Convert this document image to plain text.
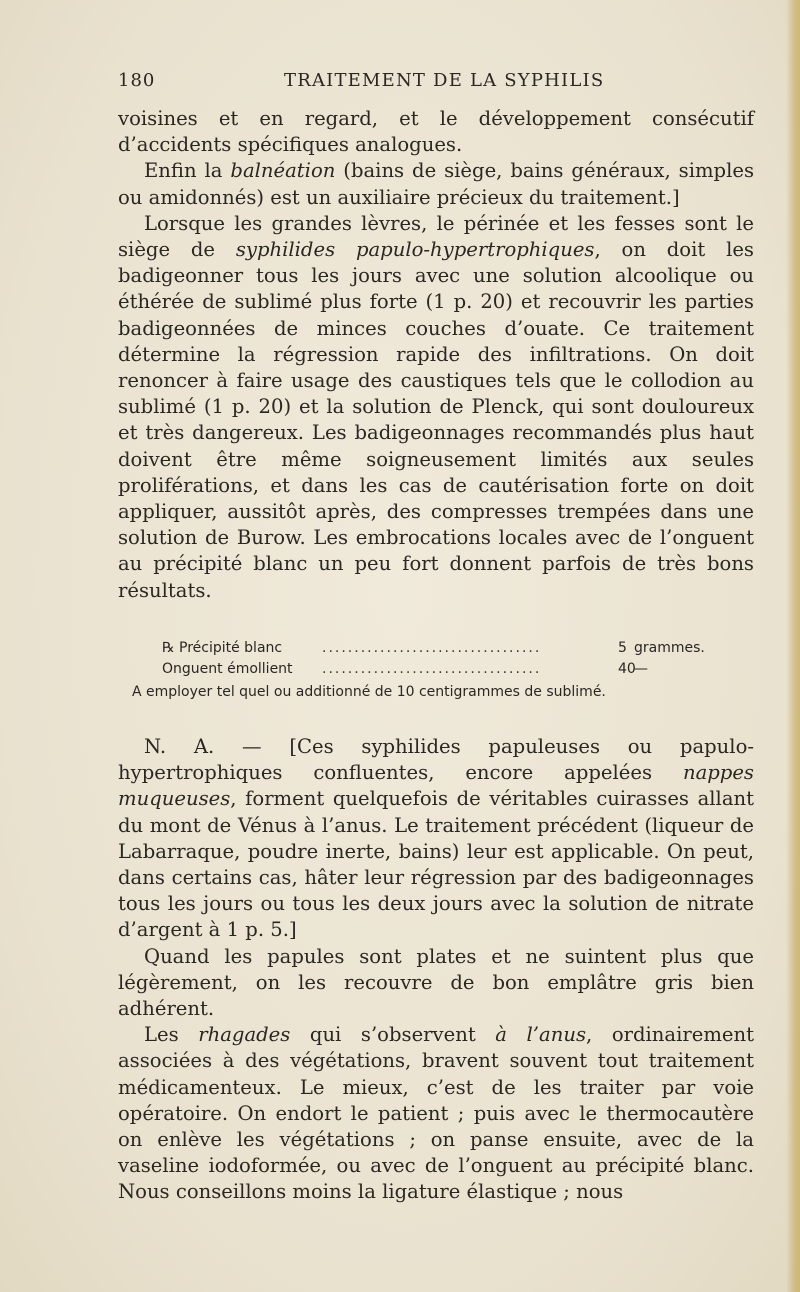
180	TRAITEMENT DE LA SYPHILIS

voisines et en regard, et le développement consécutif d’accidents spécifiques analogues.

Enfin la balnéation (bains de siège, bains généraux, simples ou amidonnés) est un auxiliaire précieux du traitement.]

Lorsque les grandes lèvres, le périnée et les fesses sont le siège de syphilides papulo-hypertrophiques, on doit les badigeonner tous les jours avec une solution alcoolique ou éthérée de sublimé plus forte (1 p. 20) et recouvrir les parties badigeonnées de minces couches d’ouate. Ce traitement détermine la régression rapide des infiltrations. On doit renoncer à faire usage des caustiques tels que le collodion au sublimé (1 p. 20) et la solution de Plenck, qui sont douloureux et très dangereux. Les badigeonnages recommandés plus haut doivent être même soigneusement limités aux seules proliférations, et dans les cas de cautérisation forte on doit appliquer, aussitôt après, des compresses trempées dans une solution de Burow. Les embrocations locales avec de l’onguent au précipité blanc un peu fort donnent parfois de très bons résultats.

℞ Précipité blanc	..................................	5 grammes.
Onguent émollient ..................................	40
—
A employer tel quel ou additionné de 10 centigrammes de sublimé.

N. A. — [Ces syphilides papuleuses ou papulo-hypertrophiques confluentes, encore appelées nappes muqueuses, forment quelquefois de véritables cuirasses allant du mont de Vénus à l’anus. Le traitement précédent (liqueur de Labarraque, poudre inerte, bains) leur est applicable. On peut, dans certains cas, hâter leur régression par des badigeonnages tous les jours ou tous les deux jours avec la solution de nitrate d’argent à 1 p. 5.]

Quand les papules sont plates et ne suintent plus que légèrement, on les recouvre de bon emplâtre gris bien adhérent.

Les rhagades qui s’observent à l’anus, ordinairement associées à des végétations, bravent souvent tout traitement médicamenteux. Le mieux, c’est de les traiter par voie opératoire. On endort le patient ; puis avec le thermocautère on enlève les végétations ; on panse ensuite, avec de la vaseline iodoformée, ou avec de l’onguent au précipité blanc. Nous conseillons moins la ligature élastique ; nous
